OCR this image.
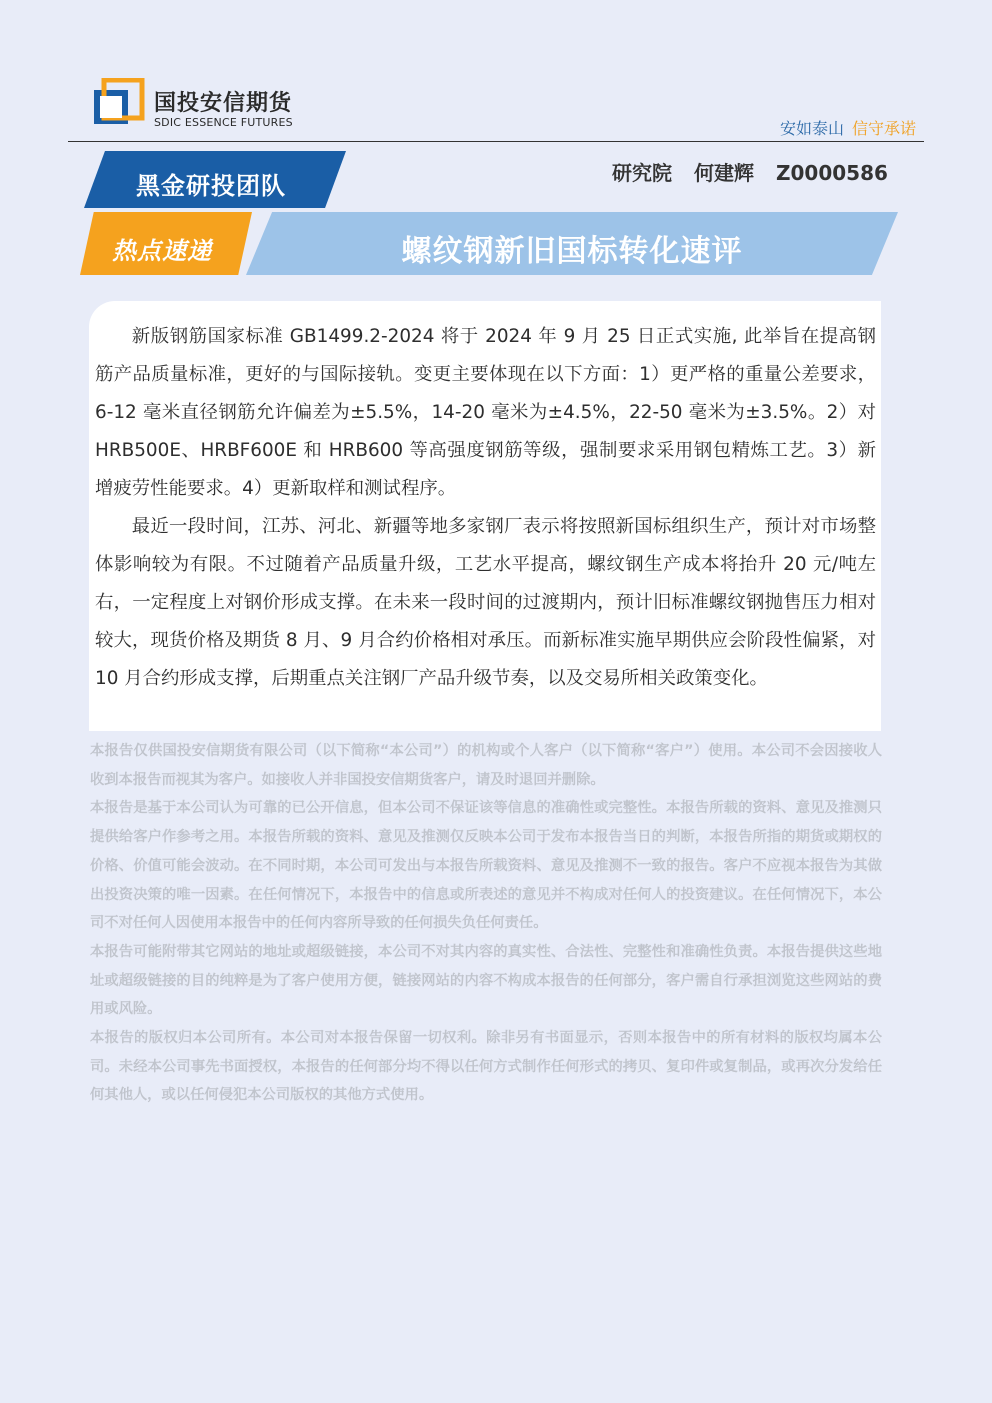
国投安信期货
SDIC ESSENCE FUTURES	安如泰山 信守承诺
黑金研投团队	研究院 何建辉 Z0000586
热点速递	螺纹钢新旧国标转化速评

新版钢筋国家标准 GB1499.2-2024 将于 2024 年 9 月 25 日正式实施, 此举旨在提高钢筋产品质量标准，更好的与国际接轨。变更主要体现在以下方面：1）更严格的重量公差要求，6-12 毫米直径钢筋允许偏差为±5.5%，14-20 毫米为±4.5%，22-50 毫米为±3.5%。2）对 HRB500E、HRBF600E 和 HRB600 等高强度钢筋等级，强制要求采用钢包精炼工艺。3）新增疲劳性能要求。4）更新取样和测试程序。

最近一段时间，江苏、河北、新疆等地多家钢厂表示将按照新国标组织生产，预计对市场整体影响较为有限。不过随着产品质量升级，工艺水平提高，螺纹钢生产成本将抬升 20 元/吨左右，一定程度上对钢价形成支撑。在未来一段时间的过渡期内，预计旧标准螺纹钢抛售压力相对较大，现货价格及期货 8 月、9 月合约价格相对承压。而新标准实施早期供应会阶段性偏紧，对 10 月合约形成支撑，后期重点关注钢厂产品升级节奏，以及交易所相关政策变化。

本报告仅供国投安信期货有限公司（以下简称“本公司”）的机构或个人客户（以下简称“客户”）使用。本公司不会因接收人收到本报告而视其为客户。如接收人并非国投安信期货客户，请及时退回并删除。

本报告是基于本公司认为可靠的已公开信息，但本公司不保证该等信息的准确性或完整性。本报告所载的资料、意见及推测只提供给客户作参考之用。本报告所载的资料、意见及推测仅反映本公司于发布本报告当日的判断，本报告所指的期货或期权的价格、价值可能会波动。在不同时期，本公司可发出与本报告所载资料、意见及推测不一致的报告。客户不应视本报告为其做出投资决策的唯一因素。在任何情况下，本报告中的信息或所表述的意见并不构成对任何人的投资建议。在任何情况下，本公司不对任何人因使用本报告中的任何内容所导致的任何损失负任何责任。

本报告可能附带其它网站的地址或超级链接，本公司不对其内容的真实性、合法性、完整性和准确性负责。本报告提供这些地址或超级链接的目的纯粹是为了客户使用方便，链接网站的内容不构成本报告的任何部分，客户需自行承担浏览这些网站的费用或风险。

本报告的版权归本公司所有。本公司对本报告保留一切权利。除非另有书面显示，否则本报告中的所有材料的版权均属本公司。未经本公司事先书面授权，本报告的任何部分均不得以任何方式制作任何形式的拷贝、复印件或复制品，或再次分发给任何其他人，或以任何侵犯本公司版权的其他方式使用。
